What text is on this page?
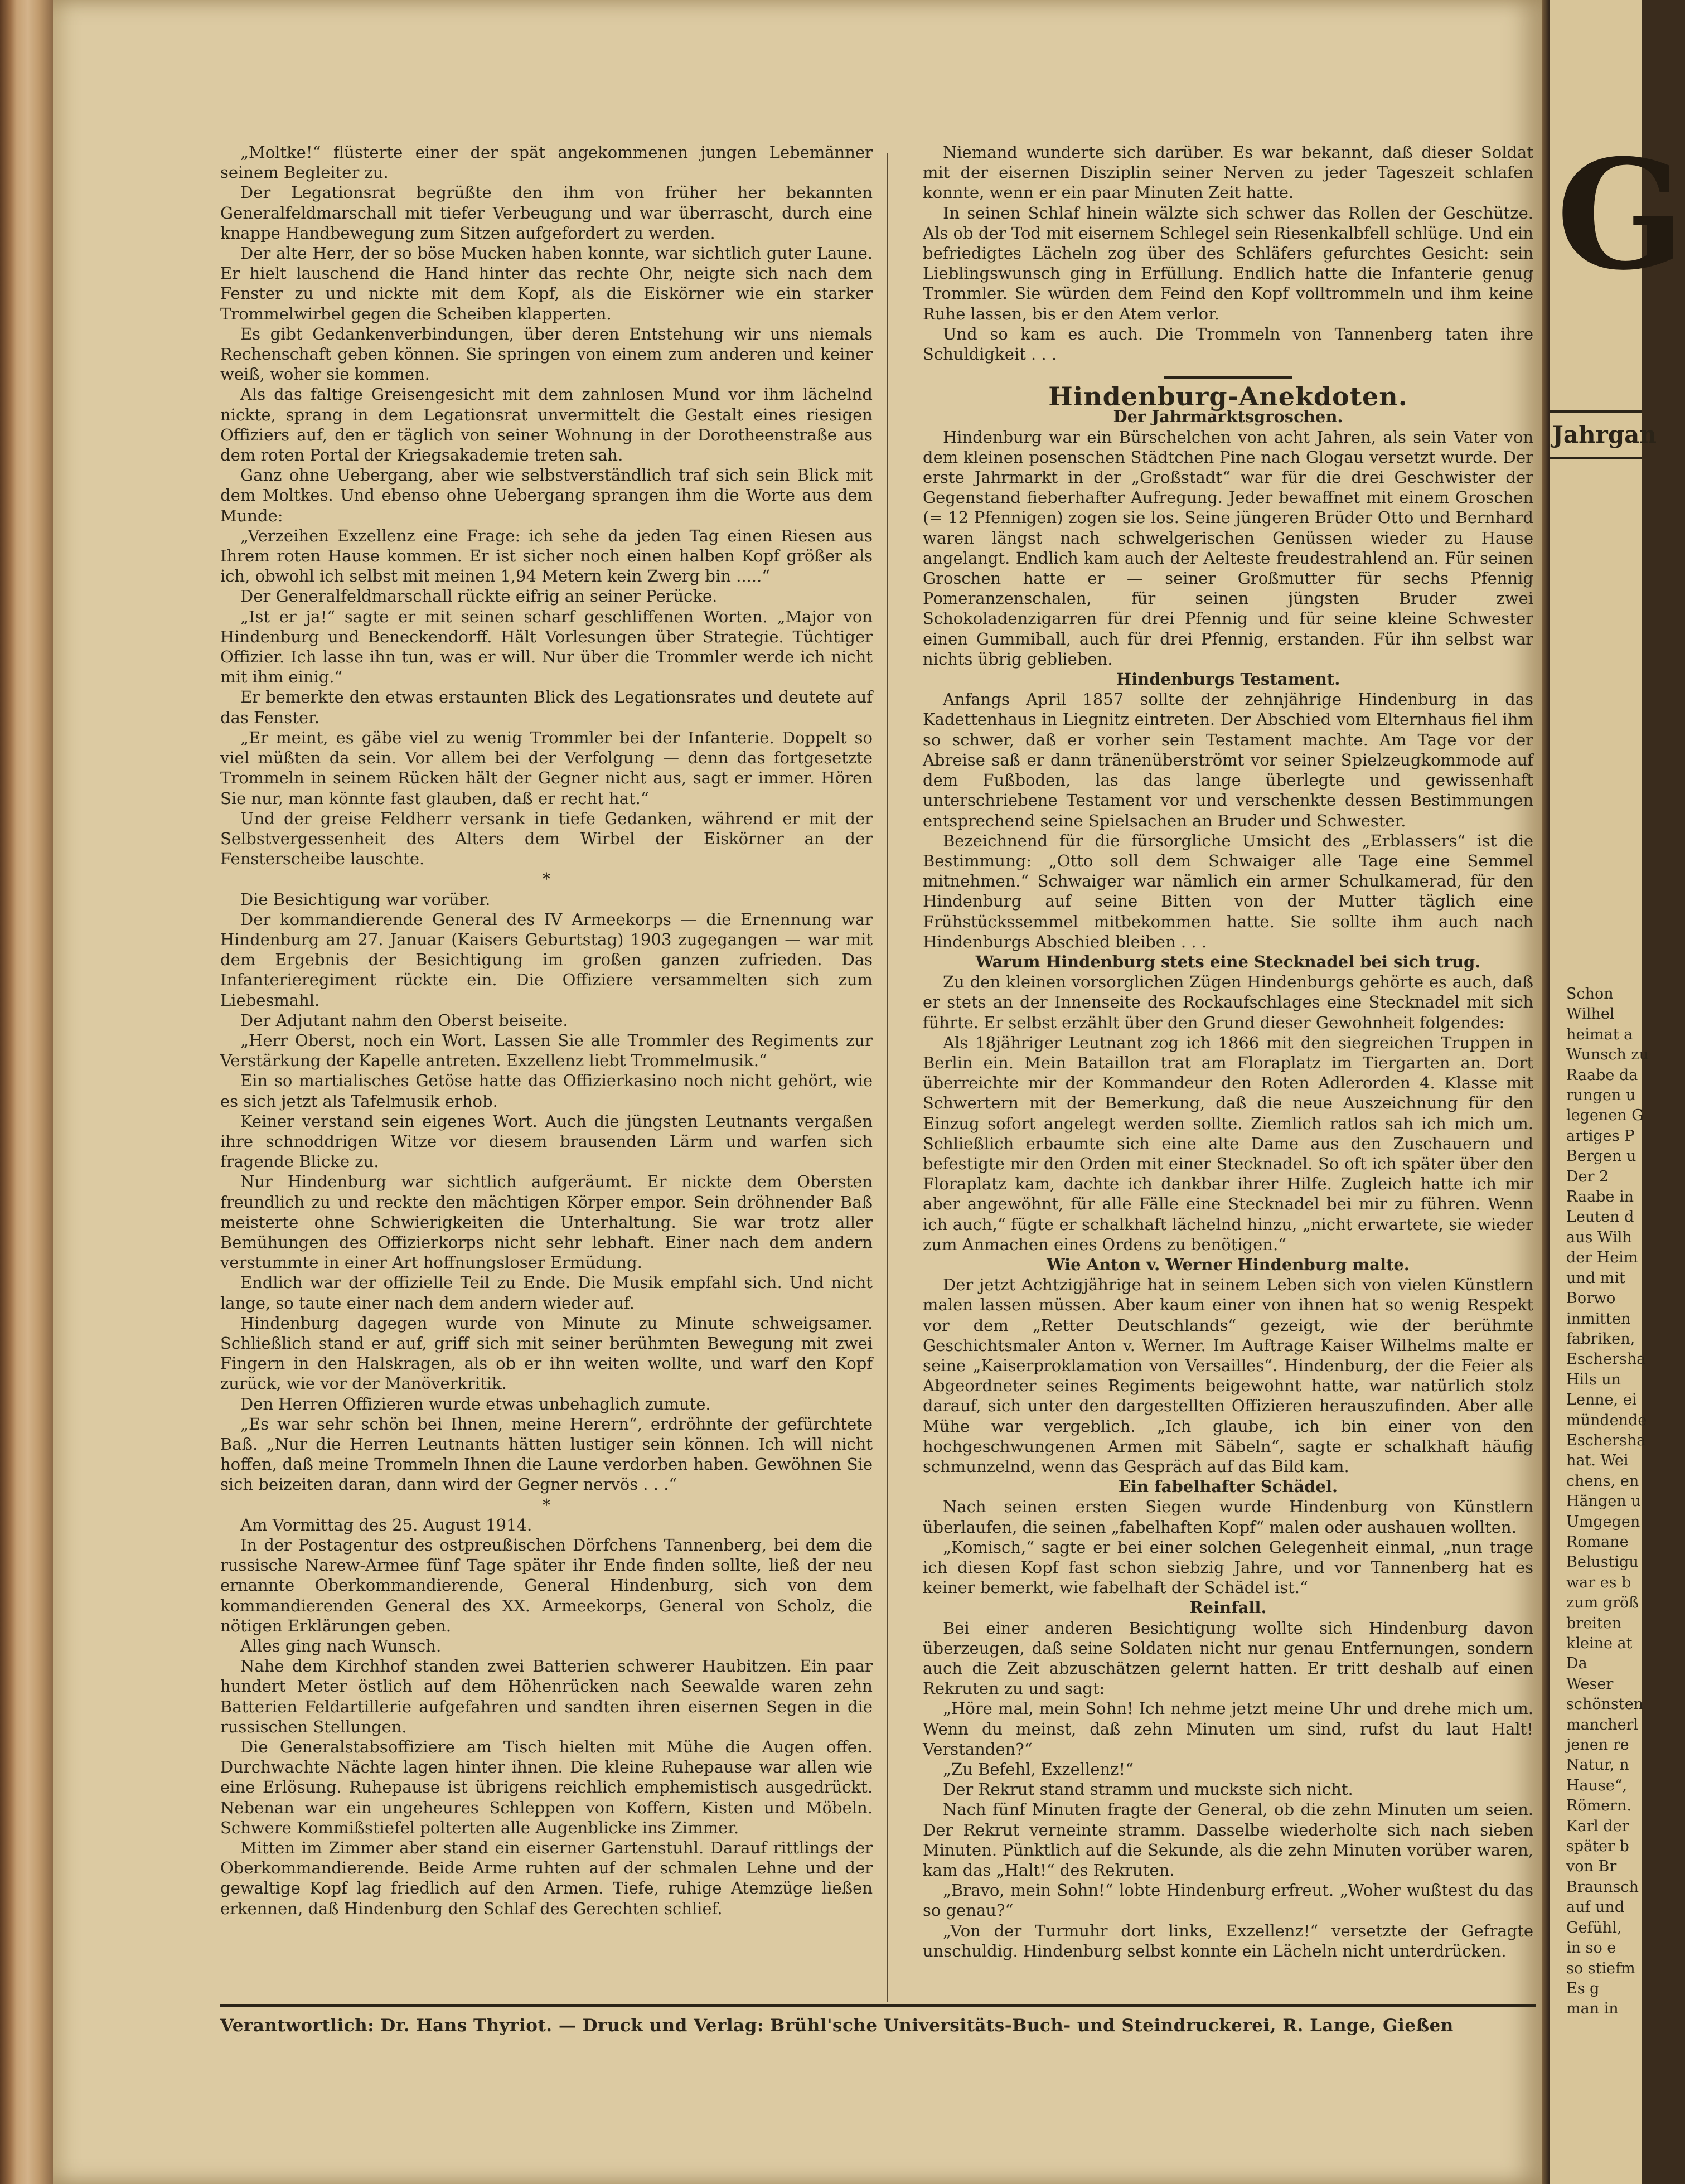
„Moltke!“ flüsterte einer der spät angekommenen jungen Lebemänner seinem Begleiter zu.

Der Legationsrat begrüßte den ihm von früher her bekannten Generalfeldmarschall mit tiefer Verbeugung und war überrascht, durch eine knappe Handbewegung zum Sitzen aufgefordert zu werden.

Der alte Herr, der so böse Mucken haben konnte, war sichtlich guter Laune. Er hielt lauschend die Hand hinter das rechte Ohr, neigte sich nach dem Fenster zu und nickte mit dem Kopf, als die Eiskörner wie ein starker Trommelwirbel gegen die Scheiben klapperten.

Es gibt Gedankenverbindungen, über deren Entstehung wir uns niemals Rechenschaft geben können. Sie springen von einem zum anderen und keiner weiß, woher sie kommen.

Als das faltige Greisengesicht mit dem zahnlosen Mund vor ihm lächelnd nickte, sprang in dem Legationsrat unvermittelt die Gestalt eines riesigen Offiziers auf, den er täglich von seiner Wohnung in der Dorotheenstraße aus dem roten Portal der Kriegsakademie treten sah.

Ganz ohne Uebergang, aber wie selbstverständlich traf sich sein Blick mit dem Moltkes. Und ebenso ohne Uebergang sprangen ihm die Worte aus dem Munde:

„Verzeihen Exzellenz eine Frage: ich sehe da jeden Tag einen Riesen aus Ihrem roten Hause kommen. Er ist sicher noch einen halben Kopf größer als ich, obwohl ich selbst mit meinen 1,94 Metern kein Zwerg bin .....“

Der Generalfeldmarschall rückte eifrig an seiner Perücke.

„Ist er ja!“ sagte er mit seinen scharf geschliffenen Worten. „Major von Hindenburg und Beneckendorff. Hält Vorlesungen über Strategie. Tüchtiger Offizier. Ich lasse ihn tun, was er will. Nur über die Trommler werde ich nicht mit ihm einig.“

Er bemerkte den etwas erstaunten Blick des Legationsrates und deutete auf das Fenster.

„Er meint, es gäbe viel zu wenig Trommler bei der Infanterie. Doppelt so viel müßten da sein. Vor allem bei der Verfolgung — denn das fortgesetzte Trommeln in seinem Rücken hält der Gegner nicht aus, sagt er immer. Hören Sie nur, man könnte fast glauben, daß er recht hat.“

Und der greise Feldherr versank in tiefe Gedanken, während er mit der Selbstvergessenheit des Alters dem Wirbel der Eiskörner an der Fensterscheibe lauschte.

*

Die Besichtigung war vorüber.

Der kommandierende General des IV Armeekorps — die Ernennung war Hindenburg am 27. Januar (Kaisers Geburtstag) 1903 zugegangen — war mit dem Ergebnis der Besichtigung im großen ganzen zufrieden. Das Infanterieregiment rückte ein. Die Offiziere versammelten sich zum Liebesmahl.

Der Adjutant nahm den Oberst beiseite.

„Herr Oberst, noch ein Wort. Lassen Sie alle Trommler des Regiments zur Verstärkung der Kapelle antreten. Exzellenz liebt Trommelmusik.“

Ein so martialisches Getöse hatte das Offizierkasino noch nicht gehört, wie es sich jetzt als Tafelmusik erhob.

Keiner verstand sein eigenes Wort. Auch die jüngsten Leutnants vergaßen ihre schnoddrigen Witze vor diesem brausenden Lärm und warfen sich fragende Blicke zu.

Nur Hindenburg war sichtlich aufgeräumt. Er nickte dem Obersten freundlich zu und reckte den mächtigen Körper empor. Sein dröhnender Baß meisterte ohne Schwierigkeiten die Unterhaltung. Sie war trotz aller Bemühungen des Offizierkorps nicht sehr lebhaft. Einer nach dem andern verstummte in einer Art hoffnungsloser Ermüdung.

Endlich war der offizielle Teil zu Ende. Die Musik empfahl sich. Und nicht lange, so taute einer nach dem andern wieder auf.

Hindenburg dagegen wurde von Minute zu Minute schweigsamer. Schließlich stand er auf, griff sich mit seiner berühmten Bewegung mit zwei Fingern in den Halskragen, als ob er ihn weiten wollte, und warf den Kopf zurück, wie vor der Manöverkritik.

Den Herren Offizieren wurde etwas unbehaglich zumute.

„Es war sehr schön bei Ihnen, meine Herern“, erdröhnte der gefürchtete Baß. „Nur die Herren Leutnants hätten lustiger sein können. Ich will nicht hoffen, daß meine Trommeln Ihnen die Laune verdorben haben. Gewöhnen Sie sich beizeiten daran, dann wird der Gegner nervös . . .“

*

Am Vormittag des 25. August 1914.

In der Postagentur des ostpreußischen Dörfchens Tannenberg, bei dem die russische Narew-Armee fünf Tage später ihr Ende finden sollte, ließ der neu ernannte Oberkommandierende, General Hindenburg, sich von dem kommandierenden General des XX. Armeekorps, General von Scholz, die nötigen Erklärungen geben.

Alles ging nach Wunsch.

Nahe dem Kirchhof standen zwei Batterien schwerer Haubitzen. Ein paar hundert Meter östlich auf dem Höhenrücken nach Seewalde waren zehn Batterien Feldartillerie aufgefahren und sandten ihren eisernen Segen in die russischen Stellungen.

Die Generalstabsoffiziere am Tisch hielten mit Mühe die Augen offen. Durchwachte Nächte lagen hinter ihnen. Die kleine Ruhepause war allen wie eine Erlösung. Ruhepause ist übrigens reichlich emphemistisch ausgedrückt. Nebenan war ein ungeheures Schleppen von Koffern, Kisten und Möbeln. Schwere Kommißstiefel polterten alle Augenblicke ins Zimmer.

Mitten im Zimmer aber stand ein eiserner Gartenstuhl. Darauf rittlings der Oberkommandierende. Beide Arme ruhten auf der schmalen Lehne und der gewaltige Kopf lag friedlich auf den Armen. Tiefe, ruhige Atemzüge ließen erkennen, daß Hindenburg den Schlaf des Gerechten schlief.

Niemand wunderte sich darüber. Es war bekannt, daß dieser Soldat mit der eisernen Disziplin seiner Nerven zu jeder Tageszeit schlafen konnte, wenn er ein paar Minuten Zeit hatte.

In seinen Schlaf hinein wälzte sich schwer das Rollen der Geschütze. Als ob der Tod mit eisernem Schlegel sein Riesenkalbfell schlüge. Und ein befriedigtes Lächeln zog über des Schläfers gefurchtes Gesicht: sein Lieblingswunsch ging in Erfüllung. Endlich hatte die Infanterie genug Trommler. Sie würden dem Feind den Kopf volltrommeln und ihm keine Ruhe lassen, bis er den Atem verlor.

Und so kam es auch. Die Trommeln von Tannenberg taten ihre Schuldigkeit . . .

Hindenburg-Anekdoten.

Der Jahrmarktsgroschen.

Hindenburg war ein Bürschelchen von acht Jahren, als sein Vater von dem kleinen posenschen Städtchen Pine nach Glogau versetzt wurde. Der erste Jahrmarkt in der „Großstadt“ war für die drei Geschwister der Gegenstand fieberhafter Aufregung. Jeder bewaffnet mit einem Groschen (= 12 Pfennigen) zogen sie los. Seine jüngeren Brüder Otto und Bernhard waren längst nach schwelgerischen Genüssen wieder zu Hause angelangt. Endlich kam auch der Aelteste freudestrahlend an. Für seinen Groschen hatte er — seiner Großmutter für sechs Pfennig Pomeranzenschalen, für seinen jüngsten Bruder zwei Schokoladenzigarren für drei Pfennig und für seine kleine Schwester einen Gummiball, auch für drei Pfennig, erstanden. Für ihn selbst war nichts übrig geblieben.

Hindenburgs Testament.

Anfangs April 1857 sollte der zehnjährige Hindenburg in das Kadettenhaus in Liegnitz eintreten. Der Abschied vom Elternhaus fiel ihm so schwer, daß er vorher sein Testament machte. Am Tage vor der Abreise saß er dann tränenüberströmt vor seiner Spielzeugkommode auf dem Fußboden, las das lange überlegte und gewissenhaft unterschriebene Testament vor und verschenkte dessen Bestimmungen entsprechend seine Spielsachen an Bruder und Schwester.

Bezeichnend für die fürsorgliche Umsicht des „Erblassers“ ist die Bestimmung: „Otto soll dem Schwaiger alle Tage eine Semmel mitnehmen.“ Schwaiger war nämlich ein armer Schulkamerad, für den Hindenburg auf seine Bitten von der Mutter täglich eine Frühstückssemmel mitbekommen hatte. Sie sollte ihm auch nach Hindenburgs Abschied bleiben . . .

Warum Hindenburg stets eine Stecknadel bei sich trug.

Zu den kleinen vorsorglichen Zügen Hindenburgs gehörte es auch, daß er stets an der Innenseite des Rockaufschlages eine Stecknadel mit sich führte. Er selbst erzählt über den Grund dieser Gewohnheit folgendes:

Als 18jähriger Leutnant zog ich 1866 mit den siegreichen Truppen in Berlin ein. Mein Bataillon trat am Floraplatz im Tiergarten an. Dort überreichte mir der Kommandeur den Roten Adlerorden 4. Klasse mit Schwertern mit der Bemerkung, daß die neue Auszeichnung für den Einzug sofort angelegt werden sollte. Ziemlich ratlos sah ich mich um. Schließlich erbaumte sich eine alte Dame aus den Zuschauern und befestigte mir den Orden mit einer Stecknadel. So oft ich später über den Floraplatz kam, dachte ich dankbar ihrer Hilfe. Zugleich hatte ich mir aber angewöhnt, für alle Fälle eine Stecknadel bei mir zu führen. Wenn ich auch,“ fügte er schalkhaft lächelnd hinzu, „nicht erwartete, sie wieder zum Anmachen eines Ordens zu benötigen.“

Wie Anton v. Werner Hindenburg malte.

Der jetzt Achtzigjährige hat in seinem Leben sich von vielen Künstlern malen lassen müssen. Aber kaum einer von ihnen hat so wenig Respekt vor dem „Retter Deutschlands“ gezeigt, wie der berühmte Geschichtsmaler Anton v. Werner. Im Auftrage Kaiser Wilhelms malte er seine „Kaiserproklamation von Versailles“. Hindenburg, der die Feier als Abgeordneter seines Regiments beigewohnt hatte, war natürlich stolz darauf, sich unter den dargestellten Offizieren herauszufinden. Aber alle Mühe war vergeblich. „Ich glaube, ich bin einer von den hochgeschwungenen Armen mit Säbeln“, sagte er schalkhaft häufig schmunzelnd, wenn das Gespräch auf das Bild kam.

Ein fabelhafter Schädel.

Nach seinen ersten Siegen wurde Hindenburg von Künstlern überlaufen, die seinen „fabelhaften Kopf“ malen oder aushauen wollten.

„Komisch,“ sagte er bei einer solchen Gelegenheit einmal, „nun trage ich diesen Kopf fast schon siebzig Jahre, und vor Tannenberg hat es keiner bemerkt, wie fabelhaft der Schädel ist.“

Reinfall.

Bei einer anderen Besichtigung wollte sich Hindenburg davon überzeugen, daß seine Soldaten nicht nur genau Entfernungen, sondern auch die Zeit abzuschätzen gelernt hatten. Er tritt deshalb auf einen Rekruten zu und sagt:

„Höre mal, mein Sohn! Ich nehme jetzt meine Uhr und drehe mich um. Wenn du meinst, daß zehn Minuten um sind, rufst du laut Halt! Verstanden?“

„Zu Befehl, Exzellenz!“

Der Rekrut stand stramm und muckste sich nicht.

Nach fünf Minuten fragte der General, ob die zehn Minuten um seien. Der Rekrut verneinte stramm. Dasselbe wiederholte sich nach sieben Minuten. Pünktlich auf die Sekunde, als die zehn Minuten vorüber waren, kam das „Halt!“ des Rekruten.

„Bravo, mein Sohn!“ lobte Hindenburg erfreut. „Woher wußtest du das so genau?“

„Von der Turmuhr dort links, Exzellenz!“ versetzte der Gefragte unschuldig. Hindenburg selbst konnte ein Lächeln nicht unterdrücken.

Verantwortlich: Dr. Hans Thyriot. — Druck und Verlag: Brühl'sche Universitäts-Buch- und Steindruckerei, R. Lange, Gießen
G
Jahrgan
Schon
Wilhel
heimat a
Wunsch zu
Raabe da
rungen u
legenen G
artiges P
Bergen u
Der 2
Raabe in
Leuten d
aus Wilh
der Heim
und mit
Borwo
inmitten
fabriken,
Eschersha
Hils un
Lenne, ei
mündende
Eschersha
hat. Wei
chens, en
Hängen u
Umgegen
Romane
Belustigu
war es b
zum größ
breiten
kleine at
Da
Weser
schönsten
mancherl
jenen re
Natur, n
Hause“,
Römern.
Karl der
später b
von Br
Braunsch
auf und
Gefühl,
in so e
so stiefm
Es g
man in
